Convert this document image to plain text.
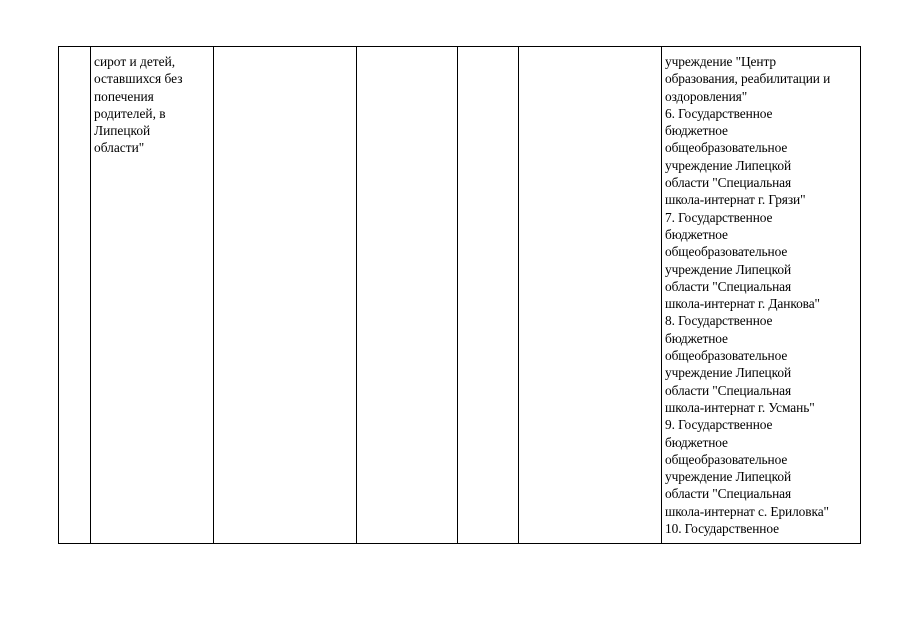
	сирот и детей,
оставшихся без
попечения
родителей, в
Липецкой
области"					учреждение "Центр
образования, реабилитации и
оздоровления"
6. Государственное
бюджетное
общеобразовательное
учреждение Липецкой
области "Специальная
школа-интернат г. Грязи"
7. Государственное
бюджетное
общеобразовательное
учреждение Липецкой
области "Специальная
школа-интернат г. Данкова"
8. Государственное
бюджетное
общеобразовательное
учреждение Липецкой
области "Специальная
школа-интернат г. Усмань"
9. Государственное
бюджетное
общеобразовательное
учреждение Липецкой
области "Специальная
школа-интернат с. Ериловка"
10. Государственное
